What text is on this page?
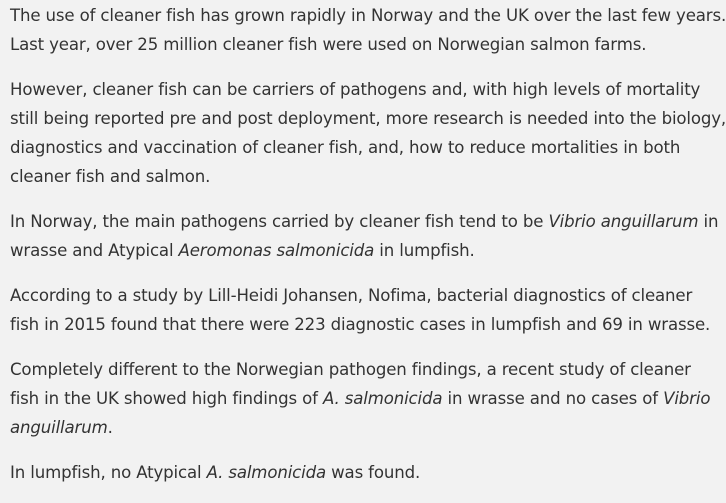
The use of cleaner fish has grown rapidly in Norway and the UK over the last few years.
Last year, over 25 million cleaner fish were used on Norwegian salmon farms.

However, cleaner fish can be carriers of pathogens and, with high levels of mortality
still being reported pre and post deployment, more research is needed into the biology,
diagnostics and vaccination of cleaner fish, and, how to reduce mortalities in both
cleaner fish and salmon.

In Norway, the main pathogens carried by cleaner fish tend to be Vibrio anguillarum in
wrasse and Atypical Aeromonas salmonicida in lumpfish.

According to a study by Lill-Heidi Johansen, Nofima, bacterial diagnostics of cleaner
fish in 2015 found that there were 223 diagnostic cases in lumpfish and 69 in wrasse.

Completely different to the Norwegian pathogen findings, a recent study of cleaner
fish in the UK showed high findings of A. salmonicida in wrasse and no cases of Vibrio
anguillarum.

In lumpfish, no Atypical A. salmonicida was found.
